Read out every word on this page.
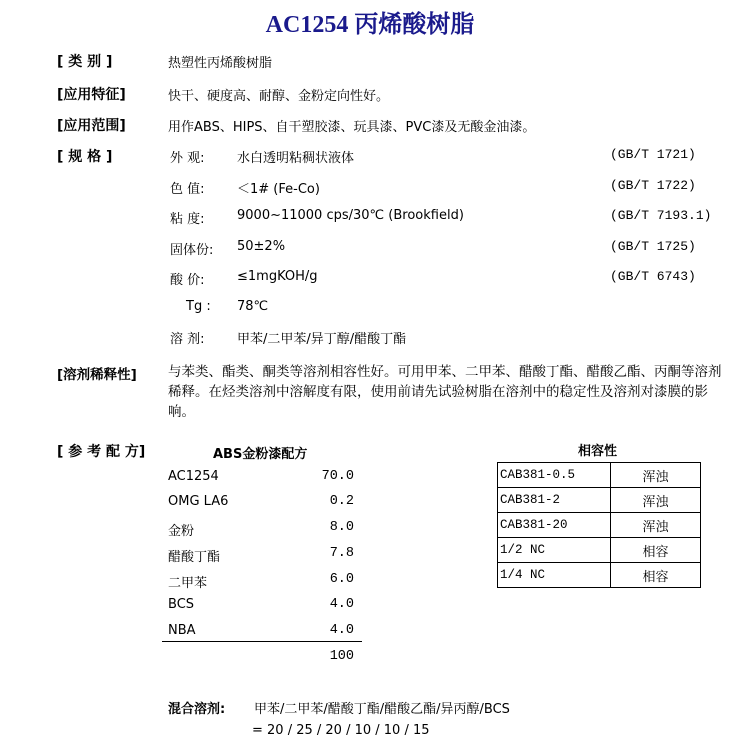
AC1254 丙烯酸树脂
[ 类 别 ]	热塑性丙烯酸树脂
[应用特征]	快干、硬度高、耐醇、金粉定向性好。
[应用范围]	用作ABS、HIPS、自干塑胶漆、玩具漆、PVC漆及无酸金油漆。
[ 规 格 ]	外 观: 水白透明粘稠状液体	(GB/T 1721)
色 值: ＜1# (Fe-Co)	(GB/T 1722)
粘 度: 9000~11000 cps/30℃ (Brookfield)	(GB/T 7193.1)
固体份: 50±2%	(GB/T 1725)
酸 价: ≤1mgKOH/g	(GB/T 6743)
Tg : 78℃
溶 剂: 甲苯/二甲苯/异丁醇/醋酸丁酯
[溶剂稀释性] 与苯类、酯类、酮类等溶剂相容性好。可用甲苯、二甲苯、醋酸丁酯、醋酸乙酯、丙酮等溶剂稀释。在烃类溶剂中溶解度有限，使用前请先试验树脂在溶剂中的稳定性及溶剂对漆膜的影响。
[ 参 考 配 方]	ABS金粉漆配方
AC1254	70.0
OMG LA6	0.2
金粉	8.0
醋酸丁酯	7.8
二甲苯	6.0
BCS	4.0
NBA	4.0
100
相容性
CAB381-0.5	浑浊
CAB381-2	浑浊
CAB381-20	浑浊
1/2 NC	相容
1/4 NC	相容
混合溶剂: 甲苯/二甲苯/醋酸丁酯/醋酸乙酯/异丙醇/BCS
= 20 / 25 / 20 / 10 / 10 / 15
